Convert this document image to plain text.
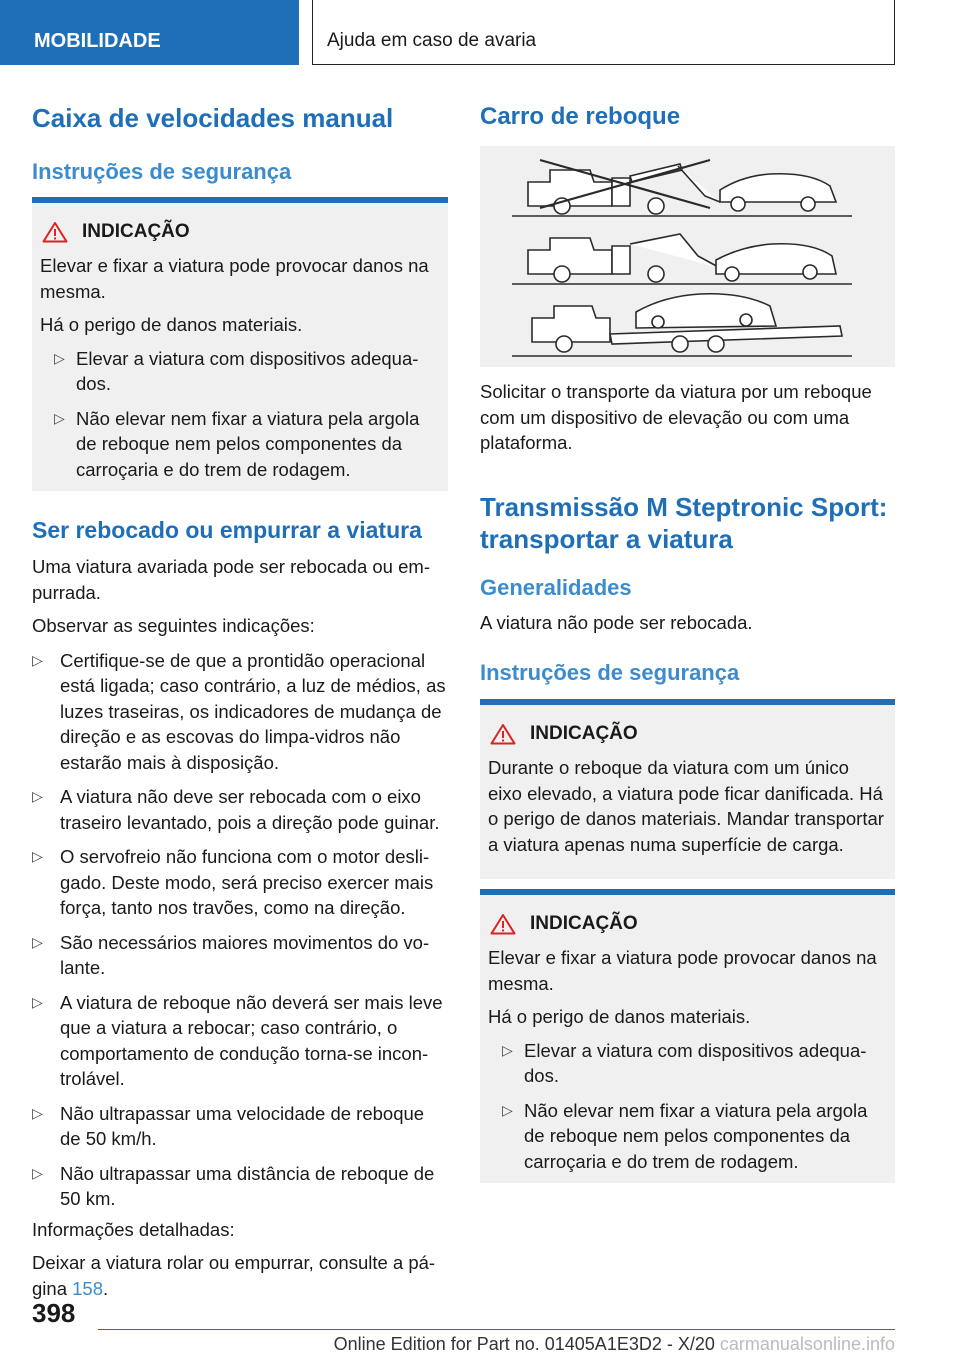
MOBILIDADE	Ajuda em caso de avaria
Caixa de velocidades manual
Instruções de segurança
INDICAÇÃO

Elevar e fixar a viatura pode provocar danos na mesma.

Há o perigo de danos materiais.

▷ Elevar a viatura com dispositivos adequados.
▷ Não elevar nem fixar a viatura pela argola de reboque nem pelos componentes da carroçaria e do trem de rodagem.
Ser rebocado ou empurrar a viatura

Uma viatura avariada pode ser rebocada ou empurrada.

Observar as seguintes indicações:

▷ Certifique-se de que a prontidão operacional está ligada; caso contrário, a luz de médios, as luzes traseiras, os indicadores de mudança de direção e as escovas do limpa-vidros não estarão mais à disposição.
▷ A viatura não deve ser rebocada com o eixo traseiro levantado, pois a direção pode guinar.
▷ O servofreio não funciona com o motor desligado. Deste modo, será preciso exercer mais força, tanto nos travões, como na direção.
▷ São necessários maiores movimentos do volante.
▷ A viatura de reboque não deverá ser mais leve que a viatura a rebocar; caso contrário, o comportamento de condução torna-se incontrolável.
▷ Não ultrapassar uma velocidade de reboque de 50 km/h.
▷ Não ultrapassar uma distância de reboque de 50 km.

Informações detalhadas:

Deixar a viatura rolar ou empurrar, consulte a página 158.

Carro de reboque

Solicitar o transporte da viatura por um reboque com um dispositivo de elevação ou com uma plataforma.

Transmissão M Steptronic Sport: transportar a viatura
Generalidades

A viatura não pode ser rebocada.

Instruções de segurança
INDICAÇÃO

Durante o reboque da viatura com um único eixo elevado, a viatura pode ficar danificada. Há o perigo de danos materiais. Mandar transportar a viatura apenas numa superfície de carga.

INDICAÇÃO

Elevar e fixar a viatura pode provocar danos na mesma.

Há o perigo de danos materiais.

▷ Elevar a viatura com dispositivos adequados.
▷ Não elevar nem fixar a viatura pela argola de reboque nem pelos componentes da carroçaria e do trem de rodagem.
398
Online Edition for Part no. 01405A1E3D2 - X/20 carmanualsonline.info
